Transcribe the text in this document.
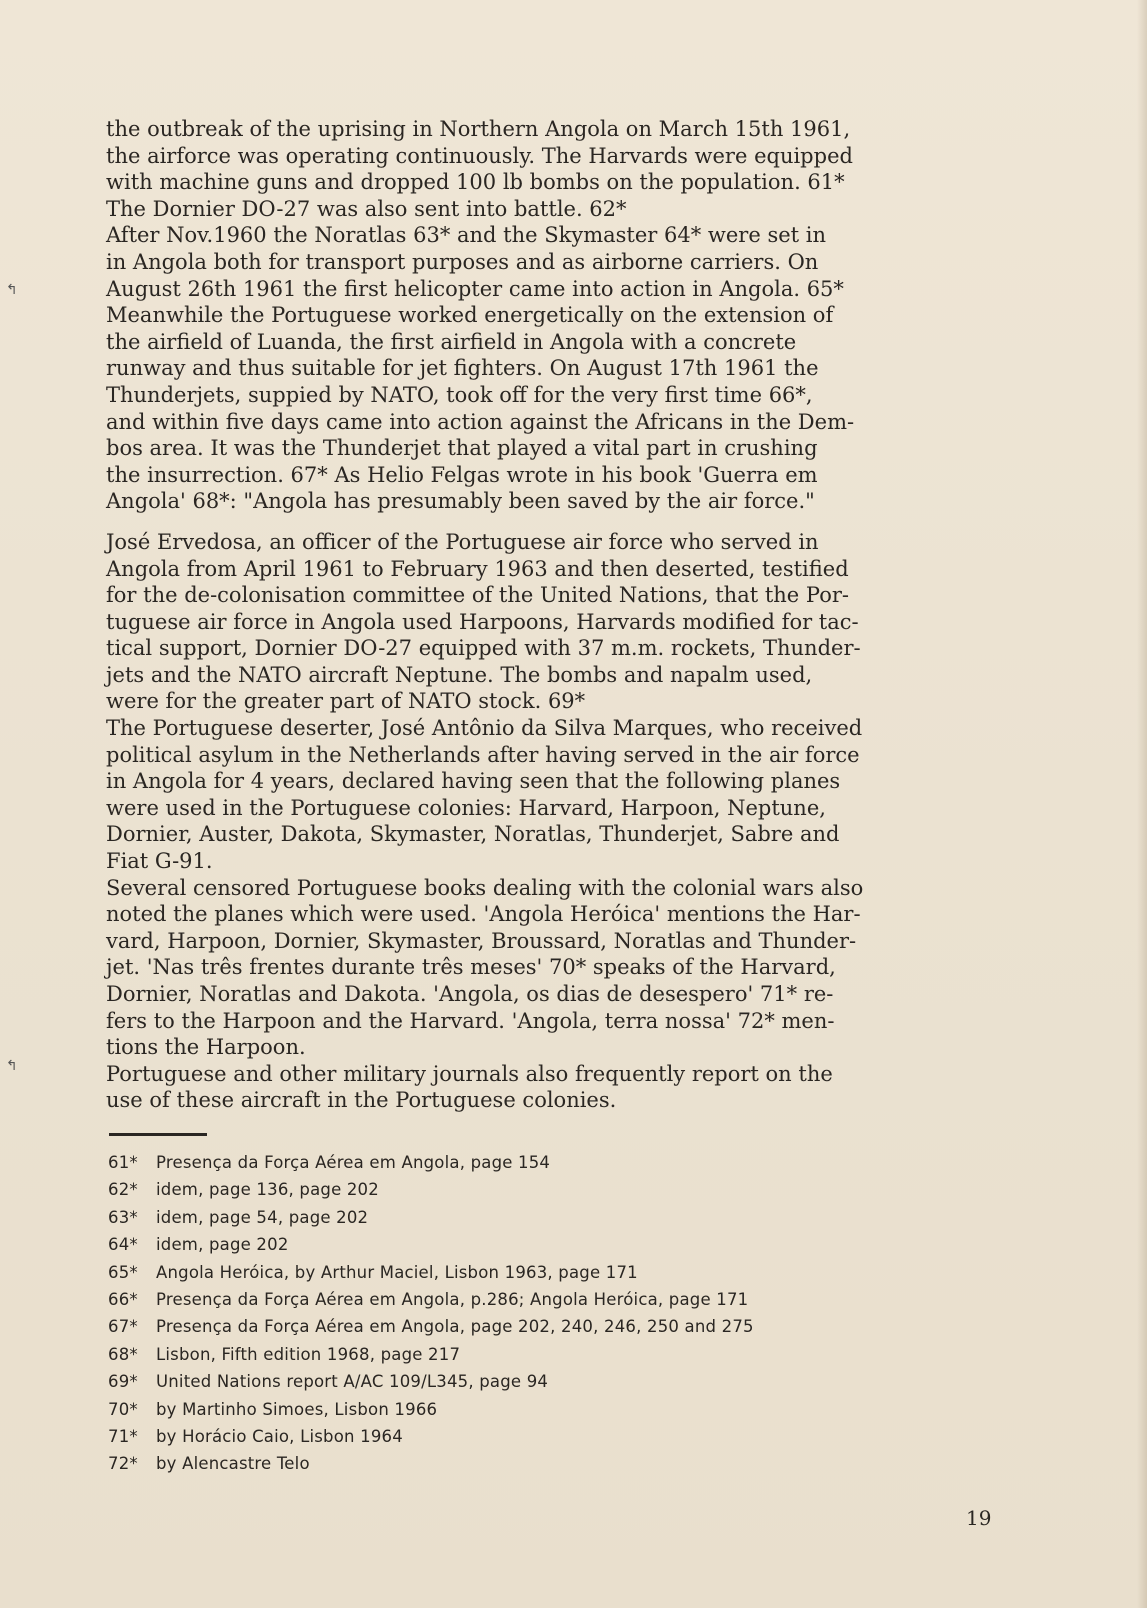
the outbreak of the uprising in Northern Angola on March 15th 1961,
the airforce was operating continuously. The Harvards were equipped
with machine guns and dropped 100 lb bombs on the population. 61*
The Dornier DO-27 was also sent into battle. 62*
After Nov.1960 the Noratlas 63* and the Skymaster 64* were set in
in Angola both for transport purposes and as airborne carriers. On
August 26th 1961 the first helicopter came into action in Angola. 65*
Meanwhile the Portuguese worked energetically on the extension of
the airfield of Luanda, the first airfield in Angola with a concrete
runway and thus suitable for jet fighters. On August 17th 1961 the
Thunderjets, suppied by NATO, took off for the very first time 66*,
and within five days came into action against the Africans in the Dem-
bos area. It was the Thunderjet that played a vital part in crushing
the insurrection. 67* As Helio Felgas wrote in his book 'Guerra em
Angola' 68*: "Angola has presumably been saved by the air force."

José Ervedosa, an officer of the Portuguese air force who served in
Angola from April 1961 to February 1963 and then deserted, testified
for the de-colonisation committee of the United Nations, that the Por-
tuguese air force in Angola used Harpoons, Harvards modified for tac-
tical support, Dornier DO-27 equipped with 37 m.m. rockets, Thunder-
jets and the NATO aircraft Neptune. The bombs and napalm used,
were for the greater part of NATO stock. 69*
The Portuguese deserter, José Antônio da Silva Marques, who received
political asylum in the Netherlands after having served in the air force
in Angola for 4 years, declared having seen that the following planes
were used in the Portuguese colonies: Harvard, Harpoon, Neptune,
Dornier, Auster, Dakota, Skymaster, Noratlas, Thunderjet, Sabre and
Fiat G-91.
Several censored Portuguese books dealing with the colonial wars also
noted the planes which were used. 'Angola Heróica' mentions the Har-
vard, Harpoon, Dornier, Skymaster, Broussard, Noratlas and Thunder-
jet. 'Nas três frentes durante três meses' 70* speaks of the Harvard,
Dornier, Noratlas and Dakota. 'Angola, os dias de desespero' 71* re-
fers to the Harpoon and the Harvard. 'Angola, terra nossa' 72* men-
tions the Harpoon.
Portuguese and other military journals also frequently report on the
use of these aircraft in the Portuguese colonies.

61* Presença da Força Aérea em Angola, page 154
62* idem, page 136, page 202
63* idem, page 54, page 202
64* idem, page 202
65* Angola Heróica, by Arthur Maciel, Lisbon 1963, page 171
66* Presença da Força Aérea em Angola, p.286; Angola Heróica, page 171
67* Presença da Força Aérea em Angola, page 202, 240, 246, 250 and 275
68* Lisbon, Fifth edition 1968, page 217
69* United Nations report A/AC 109/L345, page 94
70* by Martinho Simoes, Lisbon 1966
71* by Horácio Caio, Lisbon 1964
72* by Alencastre Telo
19
↰
↰
